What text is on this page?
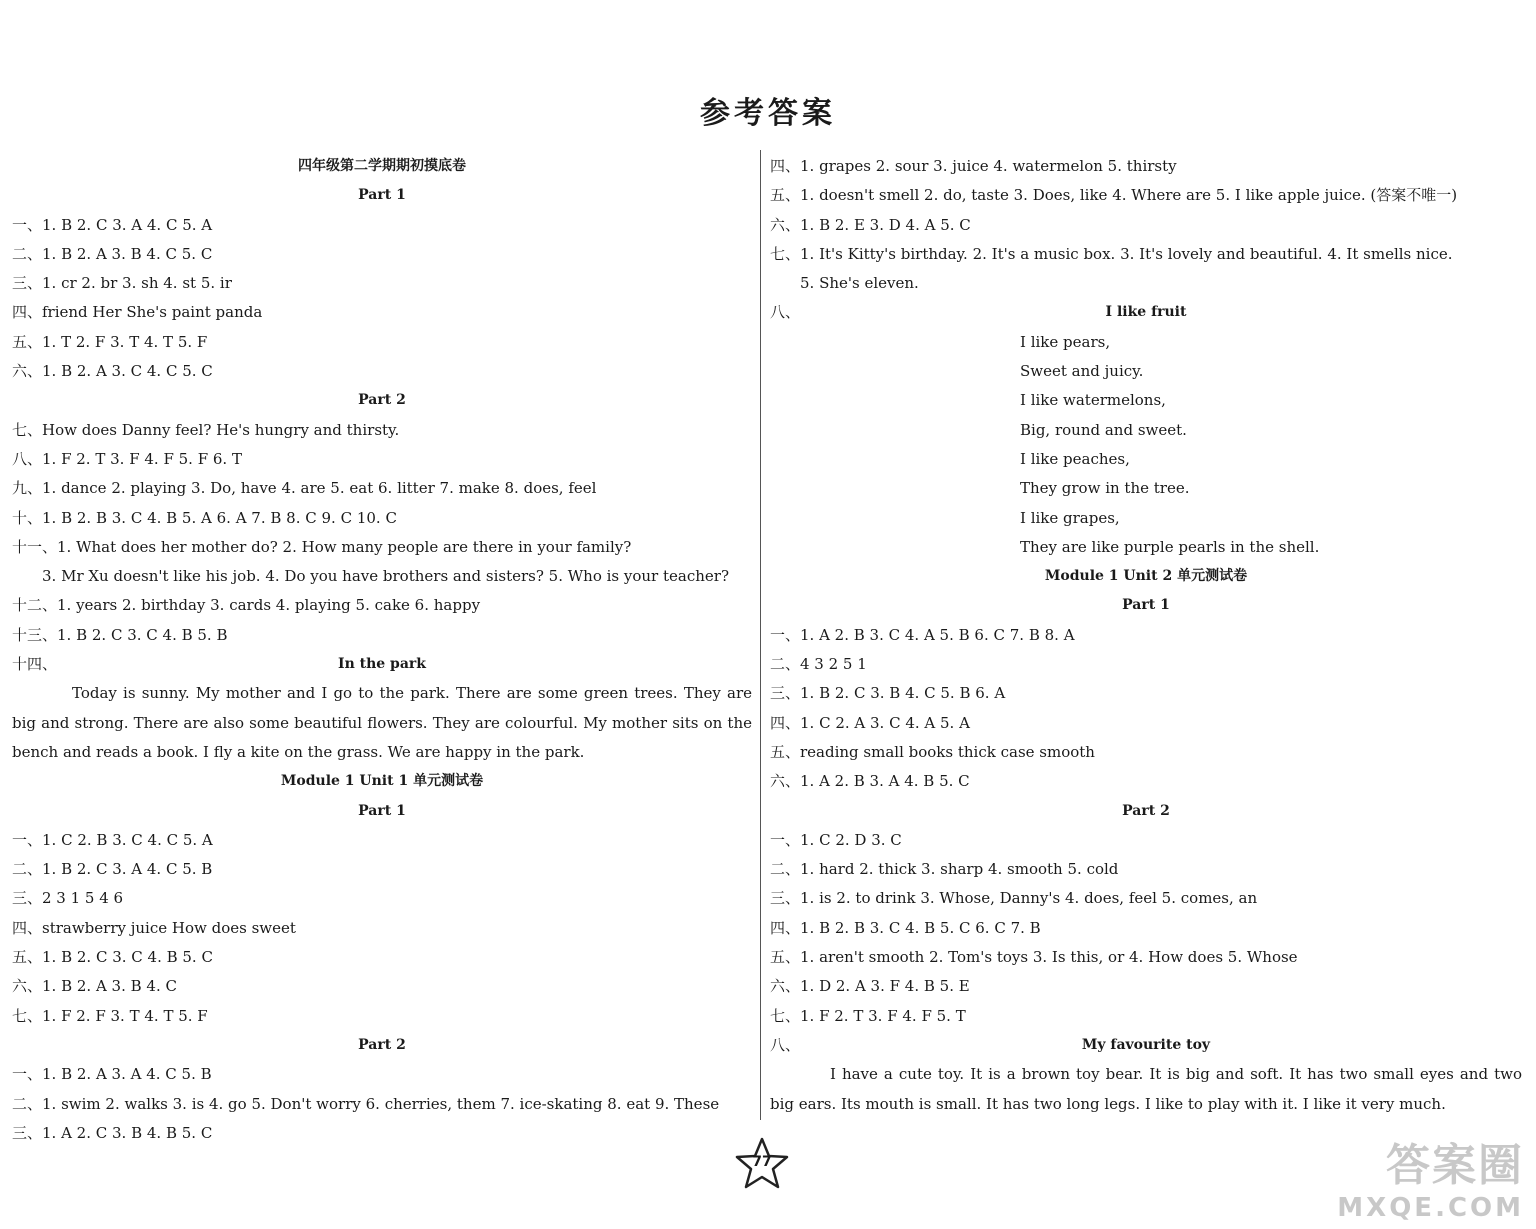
参考答案
四年级第二学期期初摸底卷
Part 1
一、1. B 2. C 3. A 4. C 5. A
二、1. B 2. A 3. B 4. C 5. C
三、1. cr 2. br 3. sh 4. st 5. ir
四、friend Her She's paint panda
五、1. T 2. F 3. T 4. T 5. F
六、1. B 2. A 3. C 4. C 5. C
Part 2
七、How does Danny feel? He's hungry and thirsty.
八、1. F 2. T 3. F 4. F 5. F 6. T
九、1. dance 2. playing 3. Do, have 4. are 5. eat 6. litter 7. make 8. does, feel
十、1. B 2. B 3. C 4. B 5. A 6. A 7. B 8. C 9. C 10. C
十一、1. What does her mother do? 2. How many people are there in your family?
3. Mr Xu doesn't like his job. 4. Do you have brothers and sisters? 5. Who is your teacher?
十二、1. years 2. birthday 3. cards 4. playing 5. cake 6. happy
十三、1. B 2. C 3. C 4. B 5. B
十四、	In the park
Today is sunny. My mother and I go to the park. There are some green trees. They are big and strong. There are also some beautiful flowers. They are colourful. My mother sits on the bench and reads a book. I fly a kite on the grass. We are happy in the park.
Module 1 Unit 1 单元测试卷
Part 1
一、1. C 2. B 3. C 4. C 5. A
二、1. B 2. C 3. A 4. C 5. B
三、2 3 1 5 4 6
四、strawberry juice How does sweet
五、1. B 2. C 3. C 4. B 5. C
六、1. B 2. A 3. B 4. C
七、1. F 2. F 3. T 4. T 5. F
Part 2
一、1. B 2. A 3. A 4. C 5. B
二、1. swim 2. walks 3. is 4. go 5. Don't worry 6. cherries, them 7. ice-skating 8. eat 9. These
三、1. A 2. C 3. B 4. B 5. C
四、1. grapes 2. sour 3. juice 4. watermelon 5. thirsty
五、1. doesn't smell 2. do, taste 3. Does, like 4. Where are 5. I like apple juice. (答案不唯一)
六、1. B 2. E 3. D 4. A 5. C
七、1. It's Kitty's birthday. 2. It's a music box. 3. It's lovely and beautiful. 4. It smells nice.
5. She's eleven.
八、	I like fruit
I like pears,
Sweet and juicy.
I like watermelons,
Big, round and sweet.
I like peaches,
They grow in the tree.
I like grapes,
They are like purple pearls in the shell.
Module 1 Unit 2 单元测试卷
Part 1
一、1. A 2. B 3. C 4. A 5. B 6. C 7. B 8. A
二、4 3 2 5 1
三、1. B 2. C 3. B 4. C 5. B 6. A
四、1. C 2. A 3. C 4. A 5. A
五、reading small books thick case smooth
六、1. A 2. B 3. A 4. B 5. C
Part 2
一、1. C 2. D 3. C
二、1. hard 2. thick 3. sharp 4. smooth 5. cold
三、1. is 2. to drink 3. Whose, Danny's 4. does, feel 5. comes, an
四、1. B 2. B 3. C 4. B 5. C 6. C 7. B
五、1. aren't smooth 2. Tom's toys 3. Is this, or 4. How does 5. Whose
六、1. D 2. A 3. F 4. B 5. E
七、1. F 2. T 3. F 4. F 5. T
八、	My favourite toy
I have a cute toy. It is a brown toy bear. It is big and soft. It has two small eyes and two big ears. Its mouth is small. It has two long legs. I like to play with it. I like it very much.
77	答案圈
MXQE.COM
